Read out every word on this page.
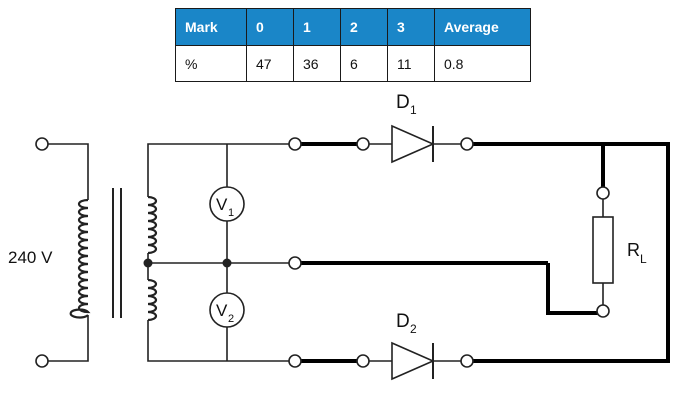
Mark	0	1	2	3	Average
%	47	36	6	11	0.8
240 V
V 1
V 2
D 1
D 2
R L
